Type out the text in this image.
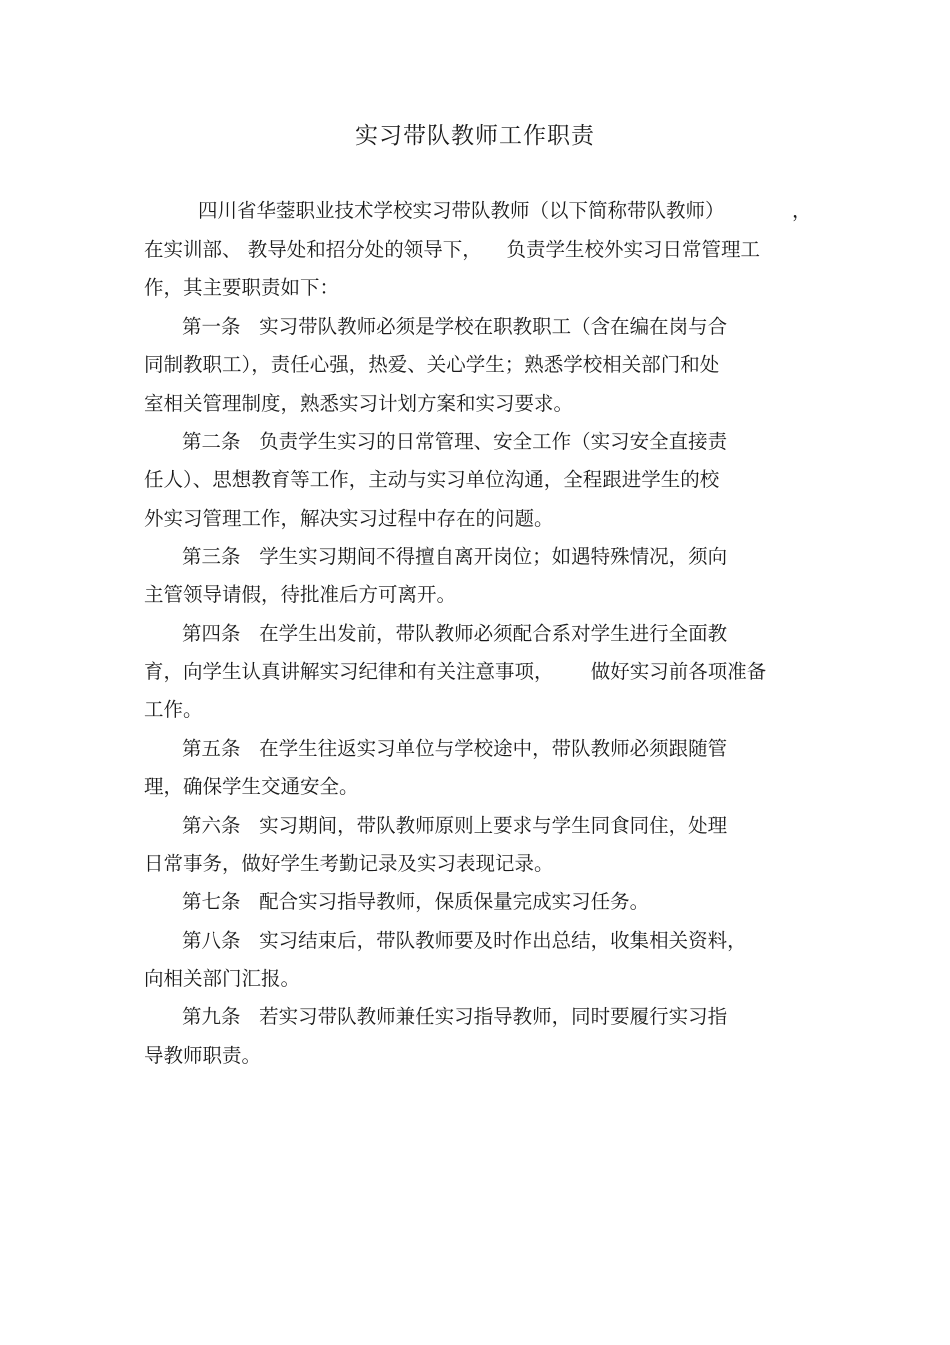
实习带队教师工作职责

四川省华蓥职业技术学校实习带队教师（以下简称带队教师）	，

在实训部、 教导处和招分处的领导下，    负责学生校外实习日常管理工

作，其主要职责如下：

第一条   实习带队教师必须是学校在职教职工（含在编在岗与合

同制教职工），责任心强，热爱、关心学生；熟悉学校相关部门和处

室相关管理制度，熟悉实习计划方案和实习要求。

第二条   负责学生实习的日常管理、安全工作（实习安全直接责

任人）、思想教育等工作，主动与实习单位沟通，全程跟进学生的校

外实习管理工作，解决实习过程中存在的问题。

第三条   学生实习期间不得擅自离开岗位；如遇特殊情况，须向

主管领导请假，待批准后方可离开。

第四条   在学生出发前，带队教师必须配合系对学生进行全面教

育，向学生认真讲解实习纪律和有关注意事项，      做好实习前各项准备

工作。

第五条   在学生往返实习单位与学校途中，带队教师必须跟随管

理，确保学生交通安全。

第六条   实习期间，带队教师原则上要求与学生同食同住，处理

日常事务，做好学生考勤记录及实习表现记录。

第七条   配合实习指导教师，保质保量完成实习任务。

第八条   实习结束后，带队教师要及时作出总结，收集相关资料，

向相关部门汇报。

第九条   若实习带队教师兼任实习指导教师，同时要履行实习指

导教师职责。
